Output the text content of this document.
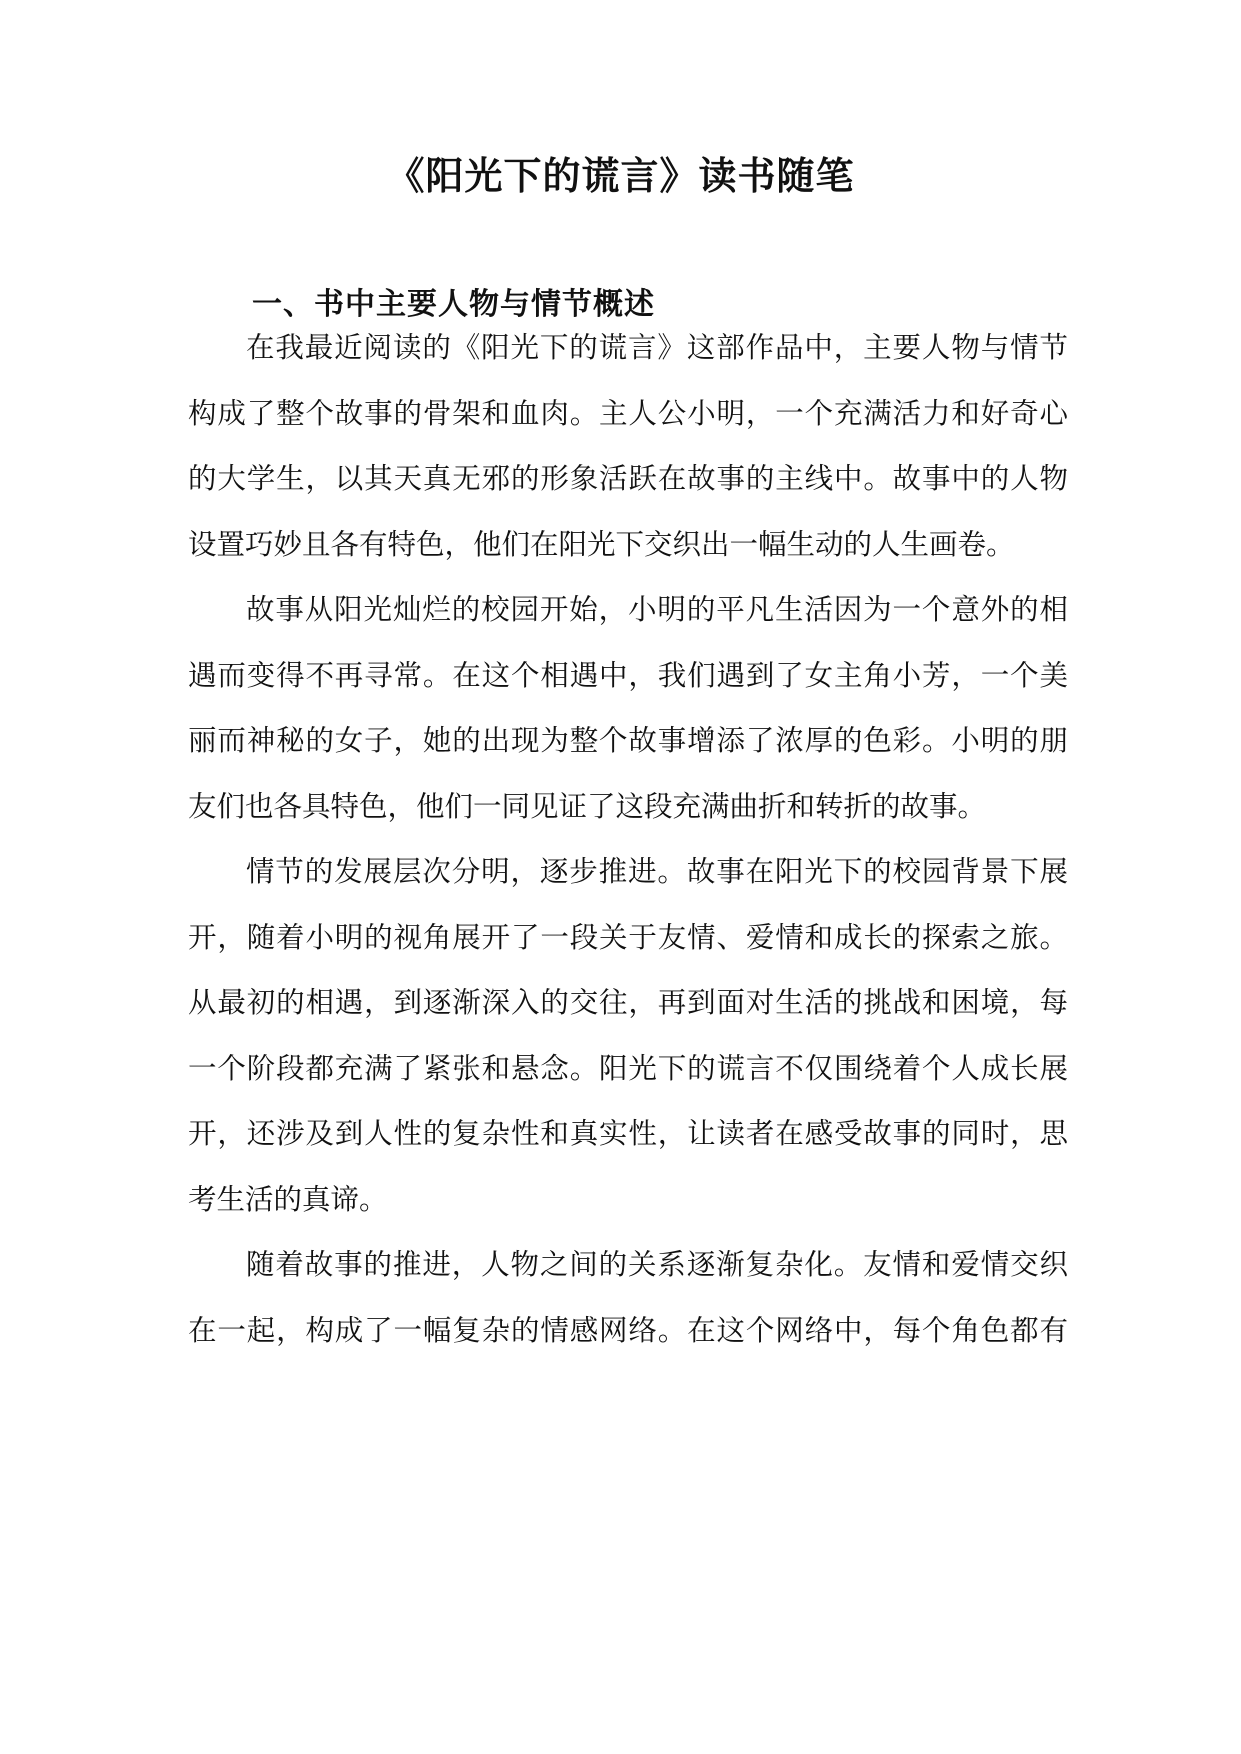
《阳光下的谎言》读书随笔
一、书中主要人物与情节概述

在我最近阅读的《阳光下的谎言》这部作品中，主要人物与情节

构成了整个故事的骨架和血肉。主人公小明，一个充满活力和好奇心

的大学生，以其天真无邪的形象活跃在故事的主线中。故事中的人物

设置巧妙且各有特色，他们在阳光下交织出一幅生动的人生画卷。

故事从阳光灿烂的校园开始，小明的平凡生活因为一个意外的相

遇而变得不再寻常。在这个相遇中，我们遇到了女主角小芳，一个美

丽而神秘的女子，她的出现为整个故事增添了浓厚的色彩。小明的朋

友们也各具特色，他们一同见证了这段充满曲折和转折的故事。

情节的发展层次分明，逐步推进。故事在阳光下的校园背景下展

开，随着小明的视角展开了一段关于友情、爱情和成长的探索之旅。

从最初的相遇，到逐渐深入的交往，再到面对生活的挑战和困境，每

一个阶段都充满了紧张和悬念。阳光下的谎言不仅围绕着个人成长展

开，还涉及到人性的复杂性和真实性，让读者在感受故事的同时，思

考生活的真谛。

随着故事的推进，人物之间的关系逐渐复杂化。友情和爱情交织

在一起，构成了一幅复杂的情感网络。在这个网络中，每个角色都有
